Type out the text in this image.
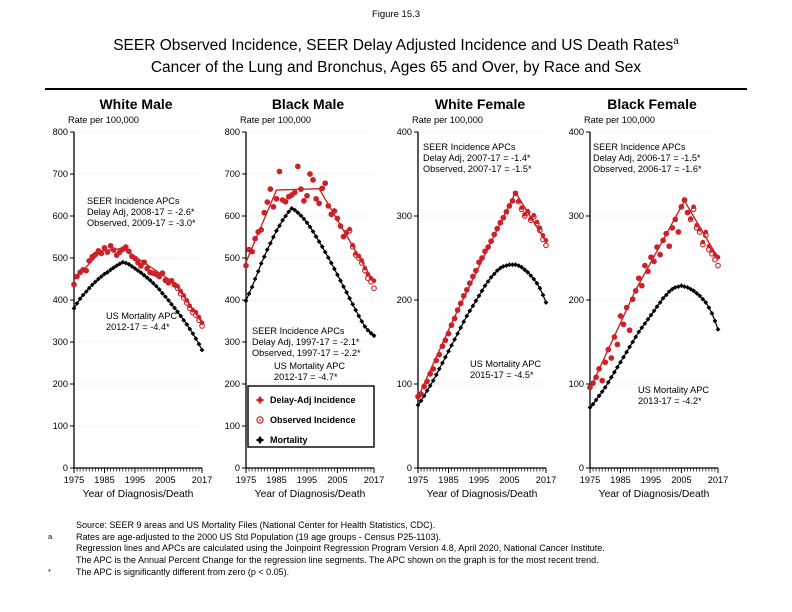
Figure 15.3
SEER Observed Incidence, SEER Delay Adjusted Incidence and US Death Rates$^a$
Cancer of the Lung and Bronchus, Ages 65 and Over, by Race and Sex
White Male
0
100
200
300
400
500
600
700
800
1975 1985 1995 2005 2017
Year of Diagnosis/Death
Rate per 100,000
SEER Incidence APCs
Delay Adj, 2008-17 = -2.6*
Observed, 2009-17 = -3.0*
US Mortality APC
2012-17 = -4.4*
Black Male
0
100
200
300
400
500
600
700
800
1975 1985 1995 2005 2017
Year of Diagnosis/Death
Rate per 100,000
SEER Incidence APCs
Delay Adj, 1997-17 = -2.1*
Observed, 1997-17 = -2.2*
US Mortality APC
2012-17 = -4.7*
Delay-Adj Incidence
Observed Incidence
Mortality
White Female
0
100
200
300
400
1975 1985 1995 2005 2017
Year of Diagnosis/Death
Rate per 100,000
SEER Incidence APCs
Delay Adj, 2007-17 = -1.4*
Observed, 2007-17 = -1.5*
US Mortality APC
2015-17 = -4.5*
Black Female
0
100
200
300
400
1975 1985 1995 2005 2017
Year of Diagnosis/Death
Rate per 100,000
SEER Incidence APCs
Delay Adj, 2006-17 = -1.5*
Observed, 2006-17 = -1.6*
US Mortality APC
2013-17 = -4.2*
Source: SEER 9 areas and US Mortality Files (National Center for Health Statistics, CDC).
a	Rates are age-adjusted to the 2000 US Std Population (19 age groups - Census P25-1103).
Regression lines and APCs are calculated using the Joinpoint Regression Program Version 4.8, April 2020, National Cancer Institute.
The APC is the Annual Percent Change for the regression line segments. The APC shown on the graph is for the most recent trend.
*	The APC is significantly different from zero (p < 0.05).
